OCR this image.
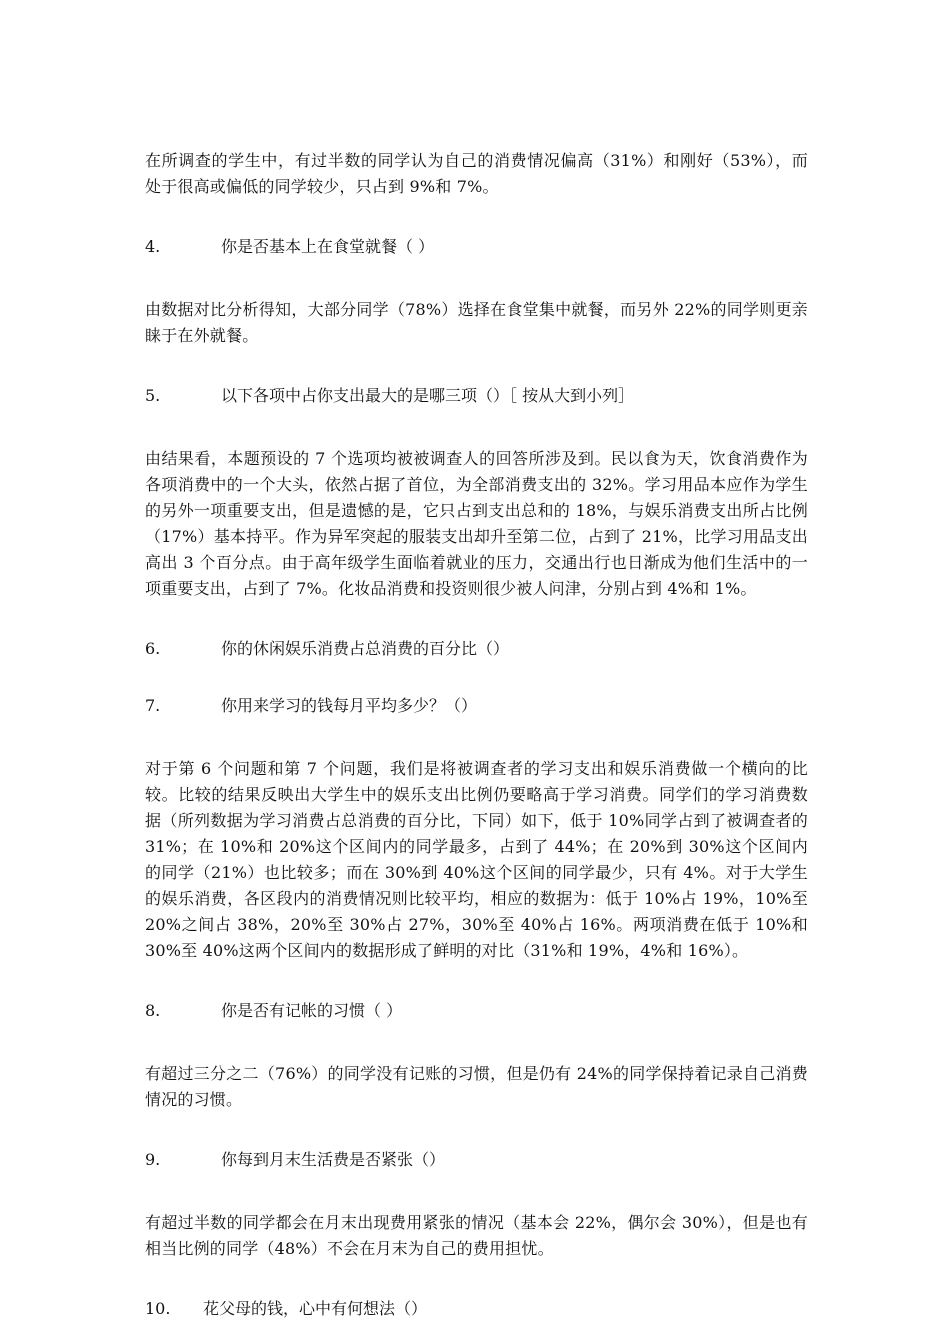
在所调查的学生中，有过半数的同学认为自己的消费情况偏高（31%）和刚好（53%），而处于很高或偏低的同学较少，只占到 9%和 7%。

4.	你是否基本上在食堂就餐（ ）

由数据对比分析得知，大部分同学（78%）选择在食堂集中就餐，而另外 22%的同学则更亲睐于在外就餐。

5.	以下各项中占你支出最大的是哪三项（）［ 按从大到小列］

由结果看，本题预设的 7 个选项均被被调查人的回答所涉及到。民以食为天，饮食消费作为各项消费中的一个大头，依然占据了首位，为全部消费支出的 32%。学习用品本应作为学生的另外一项重要支出，但是遗憾的是，它只占到支出总和的 18%，与娱乐消费支出所占比例（17%）基本持平。作为异军突起的服装支出却升至第二位，占到了 21%，比学习用品支出高出 3 个百分点。由于高年级学生面临着就业的压力，交通出行也日渐成为他们生活中的一项重要支出，占到了 7%。化妆品消费和投资则很少被人问津，分别占到 4%和 1%。

6.	你的休闲娱乐消费占总消费的百分比（）

7.	你用来学习的钱每月平均多少？（）

对于第 6 个问题和第 7 个问题，我们是将被调查者的学习支出和娱乐消费做一个横向的比较。比较的结果反映出大学生中的娱乐支出比例仍要略高于学习消费。同学们的学习消费数据（所列数据为学习消费占总消费的百分比，下同）如下，低于 10%同学占到了被调查者的 31%；在 10%和 20%这个区间内的同学最多，占到了 44%；在 20%到 30%这个区间内的同学（21%）也比较多；而在 30%到 40%这个区间的同学最少，只有 4%。对于大学生的娱乐消费，各区段内的消费情况则比较平均，相应的数据为：低于 10%占 19%，10%至 20%之间占 38%，20%至 30%占 27%，30%至 40%占 16%。两项消费在低于 10%和 30%至 40%这两个区间内的数据形成了鲜明的对比（31%和 19%，4%和 16%）。

8.	你是否有记帐的习惯（ ）

有超过三分之二（76%）的同学没有记账的习惯，但是仍有 24%的同学保持着记录自己消费情况的习惯。

9.	你每到月末生活费是否紧张（）

有超过半数的同学都会在月末出现费用紧张的情况（基本会 22%，偶尔会 30%），但是也有相当比例的同学（48%）不会在月末为自己的费用担忧。

10.	花父母的钱，心中有何想法（）
